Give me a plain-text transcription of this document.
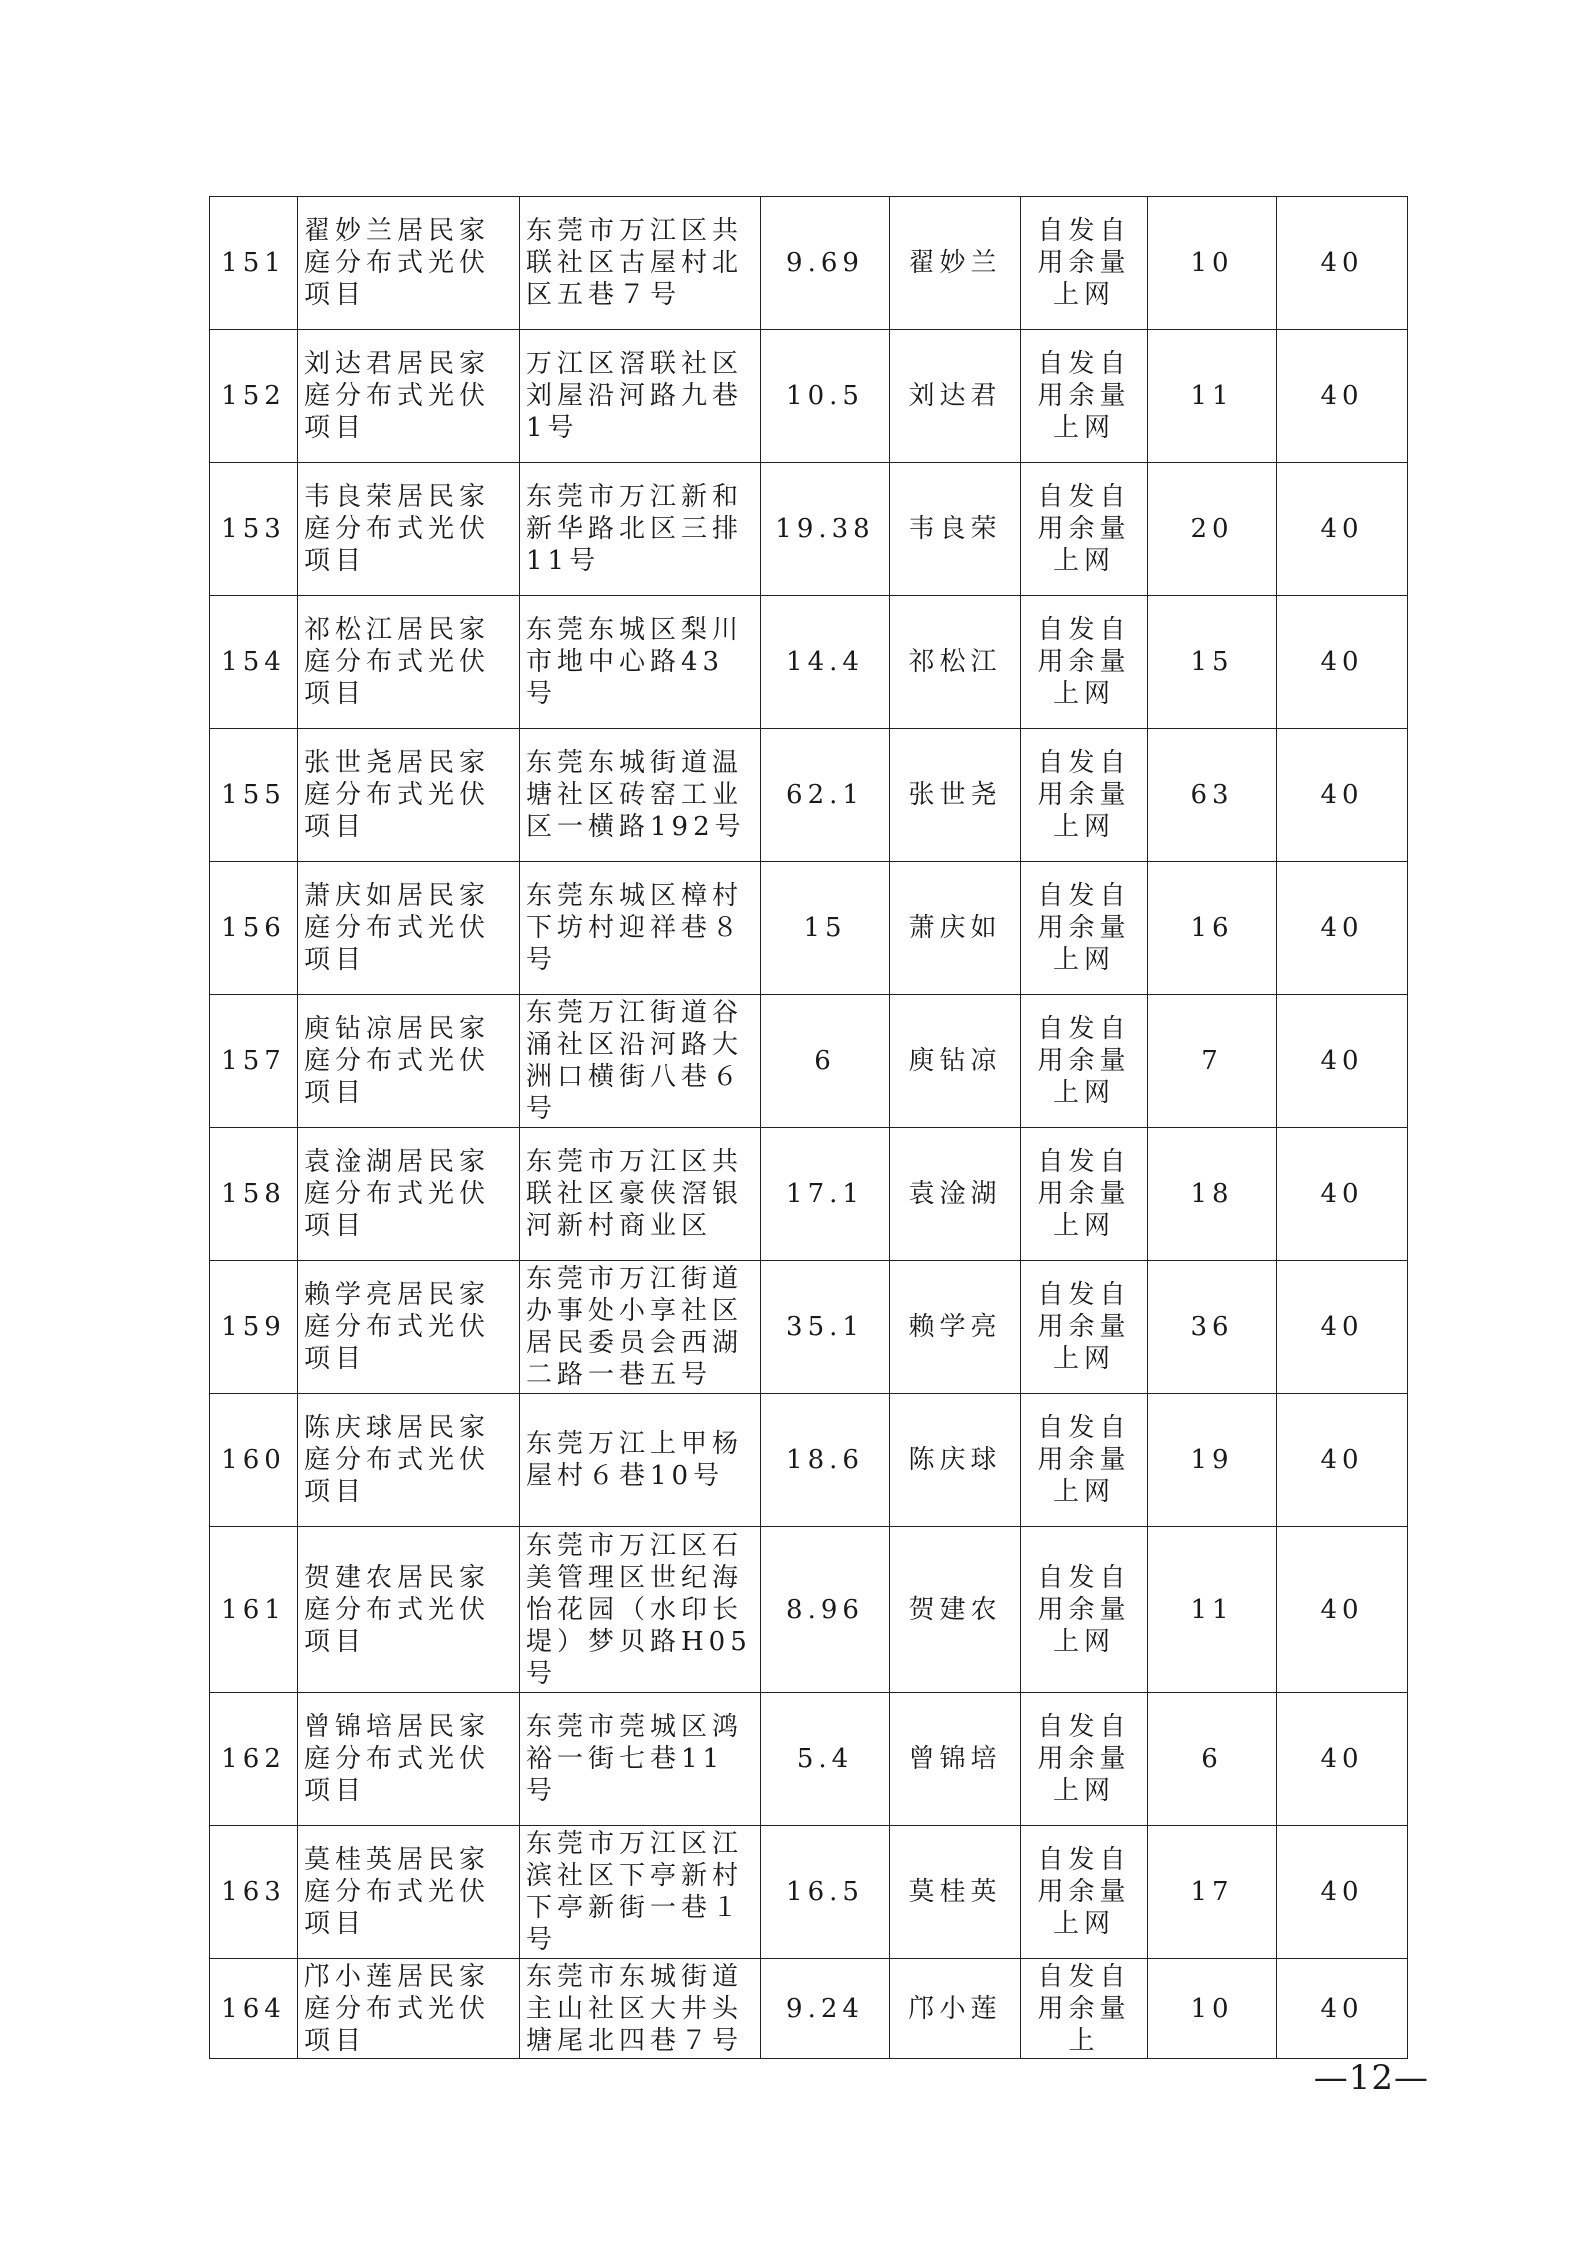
151	翟妙兰居民家庭分布式光伏项目	东莞市万江区共联社区古屋村北区五巷７号	9.69	翟妙兰	自发自用余量上网	10	40
152	刘达君居民家庭分布式光伏项目	万江区滘联社区刘屋沿河路九巷1号	10.5	刘达君	自发自用余量上网	11	40
153	韦良荣居民家庭分布式光伏项目	东莞市万江新和新华路北区三排11号	19.38	韦良荣	自发自用余量上网	20	40
154	祁松江居民家庭分布式光伏项目	东莞东城区梨川市地中心路43号	14.4	祁松江	自发自用余量上网	15	40
155	张世尧居民家庭分布式光伏项目	东莞东城街道温塘社区砖窑工业区一横路192号	62.1	张世尧	自发自用余量上网	63	40
156	萧庆如居民家庭分布式光伏项目	东莞东城区樟村下坊村迎祥巷８号	15	萧庆如	自发自用余量上网	16	40
157	庾钻凉居民家庭分布式光伏项目	东莞万江街道谷涌社区沿河路大洲口横街八巷６号	6	庾钻凉	自发自用余量上网	7	40
158	袁淦湖居民家庭分布式光伏项目	东莞市万江区共联社区豪侠滘银河新村商业区	17.1	袁淦湖	自发自用余量上网	18	40
159	赖学亮居民家庭分布式光伏项目	东莞市万江街道办事处小享社区居民委员会西湖二路一巷五号	35.1	赖学亮	自发自用余量上网	36	40
160	陈庆球居民家庭分布式光伏项目	东莞万江上甲杨屋村６巷10号	18.6	陈庆球	自发自用余量上网	19	40
161	贺建农居民家庭分布式光伏项目	东莞市万江区石美管理区世纪海怡花园（水印长堤）梦贝路H05号	8.96	贺建农	自发自用余量上网	11	40
162	曾锦培居民家庭分布式光伏项目	东莞市莞城区鸿裕一街七巷11号	5.4	曾锦培	自发自用余量上网	6	40
163	莫桂英居民家庭分布式光伏项目	东莞市万江区江滨社区下亭新村下亭新街一巷１号	16.5	莫桂英	自发自用余量上网	17	40
164	邝小莲居民家庭分布式光伏项目	东莞市东城街道主山社区大井头塘尾北四巷７号	9.24	邝小莲	自发自用余量上	10	40
—12—
